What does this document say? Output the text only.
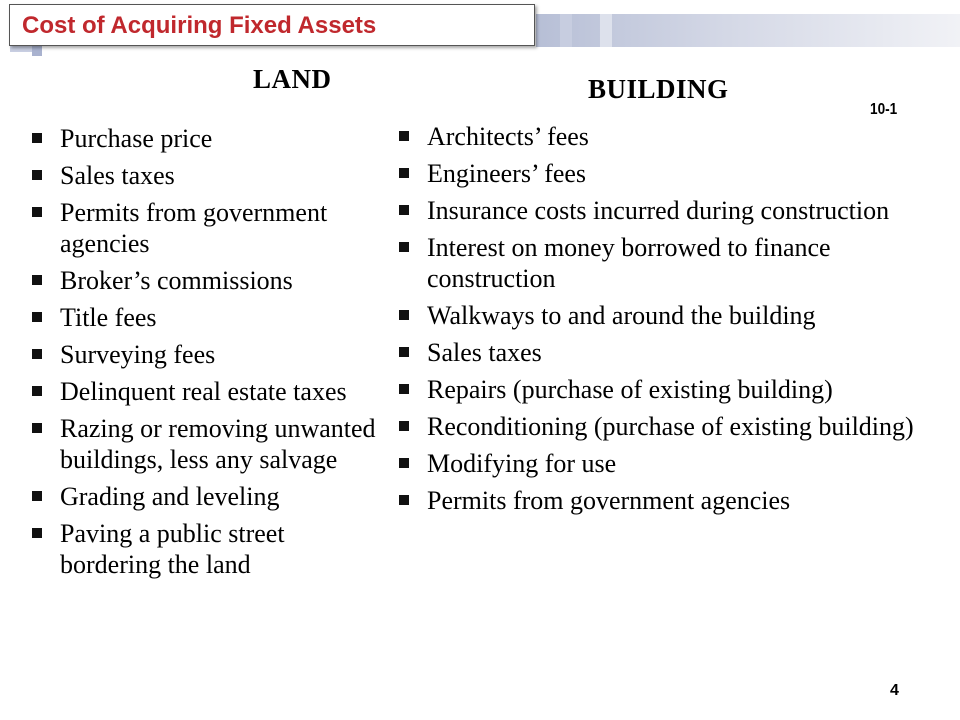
Cost of Acquiring Fixed Assets
LAND	BUILDING
10-1
Purchase price
Sales taxes
Permits from government agencies
Broker’s commissions
Title fees
Surveying fees
Delinquent real estate taxes
Razing or removing unwanted buildings, less any salvage
Grading and leveling
Paving a public street bordering the land
Architects’ fees
Engineers’ fees
Insurance costs incurred during construction
Interest on money borrowed to finance construction
Walkways to and around the building
Sales taxes
Repairs (purchase of existing building)
Reconditioning (purchase of existing building)
Modifying for use
Permits from government agencies
4
